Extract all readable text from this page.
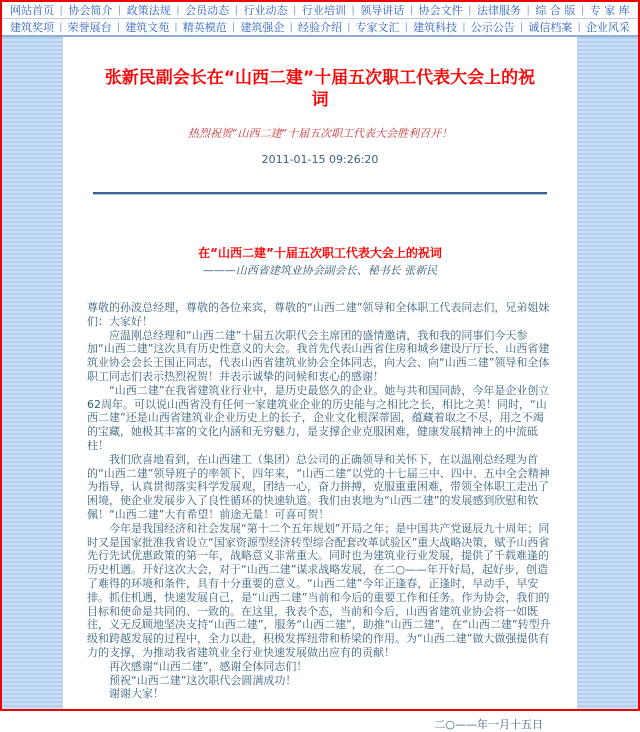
网站首页 | 协会简介 | 政策法规 | 会员动态 | 行业动态 | 行业培训 | 领导讲话 | 协会文件 | 法律服务 | 综 合 版 | 专 家 库
建筑奖项 | 荣誉展台 | 建筑文苑 | 精英模范 | 建筑强企 | 经验介绍 | 专家文汇 | 建筑科技 | 公示公告 | 诚信档案 | 企业风采
张新民副会长在“山西二建”十届五次职工代表大会上的祝词
热烈祝贺“山西二建”十届五次职工代表大会胜利召开！
2011-01-15 09:26:20
在“山西二建”十届五次职工代表大会上的祝词
———山西省建筑业协会副会长、秘书长 张新民

尊敬的孙波总经理，尊敬的各位来宾，尊敬的“山西二建”领导和全体职工代表同志们，兄弟姐妹们：大家好！

应温刚总经理和“山西二建”十届五次职代会主席团的盛情邀请，我和我的同事们今天参加“山西二建”这次具有历史性意义的大会。我首先代表山西省住房和城乡建设厅厅长、山西省建筑业协会会长王国正同志，代表山西省建筑业协会全体同志，向大会、向“山西二建”领导和全体职工同志们表示热烈祝贺！并表示诚挚的问候和衷心的感谢！

“山西二建”在我省建筑业行业中，是历史最悠久的企业。她与共和国同龄，今年是企业创立62周年。可以说山西省没有任何一家建筑业企业的历史能与之相比之长，相比之美！同时，“山西二建”还是山西省建筑业企业历史上的长子，企业文化根深蒂固，蕴藏着取之不尽，用之不竭的宝藏，她极其丰富的文化内涵和无穷魅力，是支撑企业克服困难，健康发展精神上的中流砥柱！

我们欣喜地看到，在山西建工（集团）总公司的正确领导和关怀下，在以温刚总经理为首的“山西二建”领导班子的率领下，四年来，“山西二建”以党的十七届三中、四中、五中全会精神为指导，认真贯彻落实科学发展观，团结一心，奋力拼搏，克服重重困难，带领全体职工走出了困境，使企业发展步入了良性循环的快速轨道。我们由衷地为“山西二建”的发展感到欣慰和钦佩！“山西二建”大有希望！前途无量！可喜可贺！

今年是我国经济和社会发展“第十二个五年规划”开局之年；是中国共产党诞辰九十周年；同时又是国家批准我省设立“国家资源型经济转型综合配套改革试验区”重大战略决策，赋予山西省先行先试优惠政策的第一年，战略意义非常重大。同时也为建筑业行业发展，提供了千载难逢的历史机遇。开好这次大会，对于“山西二建”谋求战略发展，在二○——年开好局，起好步，创造了难得的环境和条件，具有十分重要的意义。“山西二建”今年正逢春，正逢时，早动手，早安排。抓住机遇，快速发展自己，是“山西二建”当前和今后的重要工作和任务。作为协会，我们的目标和使命是共同的、一致的。在这里，我表个态，当前和今后，山西省建筑业协会将一如既往，义无反顾地坚决支持“山西二建”，服务“山西二建”，助推“山西二建”，在“山西二建”转型升级和跨越发展的过程中，全力以赴，积极发挥纽带和桥梁的作用。为“山西二建”做大做强提供有力的支撑，为推动我省建筑业全行业快速发展做出应有的贡献！

再次感谢“山西二建”，感谢全体同志们！

预祝“山西二建”这次职代会圆满成功！

谢谢大家！

二○——年一月十五日
